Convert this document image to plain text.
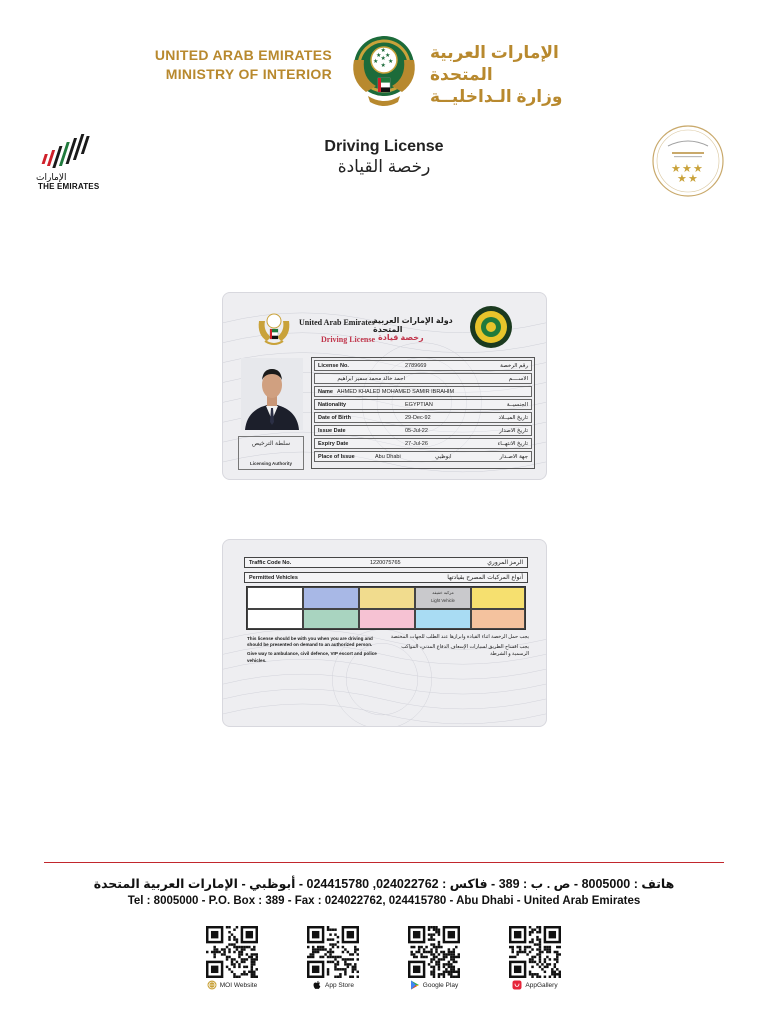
UNITED ARAB EMIRATES
MINISTRY OF INTERIOR
★ ★
★
★ ★
★
★	الإمارات العربية المتحدة
وزارة الـداخليــة
الإمارات
THE EMIRATES
★ ★ ★
★ ★
Driving License
رخصة القيادة
United Arab Emirates
دولة الإمارات العربية المتحدة
Driving License رخصة قيادة
سلطة الترخيص
Licensing Authority
License No.	2789669	رقم الرخصة
احمد خالد محمد سمير ابراهيم	الاســــم
Name AHMED KHALED MOHAMED SAMIR IBRAHIM
Nationality	EGYPTIAN	الجنسيــة
Date of Birth	29-Dec-92	تاريخ الميــلاد
Issue Date	05-Jul-22	تاريخ الاصدار
Expiry Date	27-Jul-26	تاريخ الانتهــاء
Place of Issue	Abu Dhabi	ابوظبي	جهة الاصـدار
Traffic Code No.	1220075765	الرمز المروري
Permitted Vehicles	أنواع المركبات المصرح بقيادتها
مركبة خفيفة
Light Vehicle

This license should be with you when you are driving and should be presented on demand to an authorized person.

Give way to ambulance, civil defence, VIP escort and police vehicles.

يجب حمل الرخصة اثناء القيادة وابرازها عند الطلب للجهات المختصة

يجب افساح الطريق لسيارات الإسعاف الدفاع المدني، المواكب الرسمية و الشرطة

هاتف : 8005000 - ص . ب : 389 - فاكس : 024022762, 024415780 - أبوظبي - الإمارات العربية المتحدة
Tel : 8005000 - P.O. Box : 389 - Fax : 024022762, 024415780 - Abu Dhabi - United Arab Emirates
MOI Website	App Store	Google Play	AppGallery
